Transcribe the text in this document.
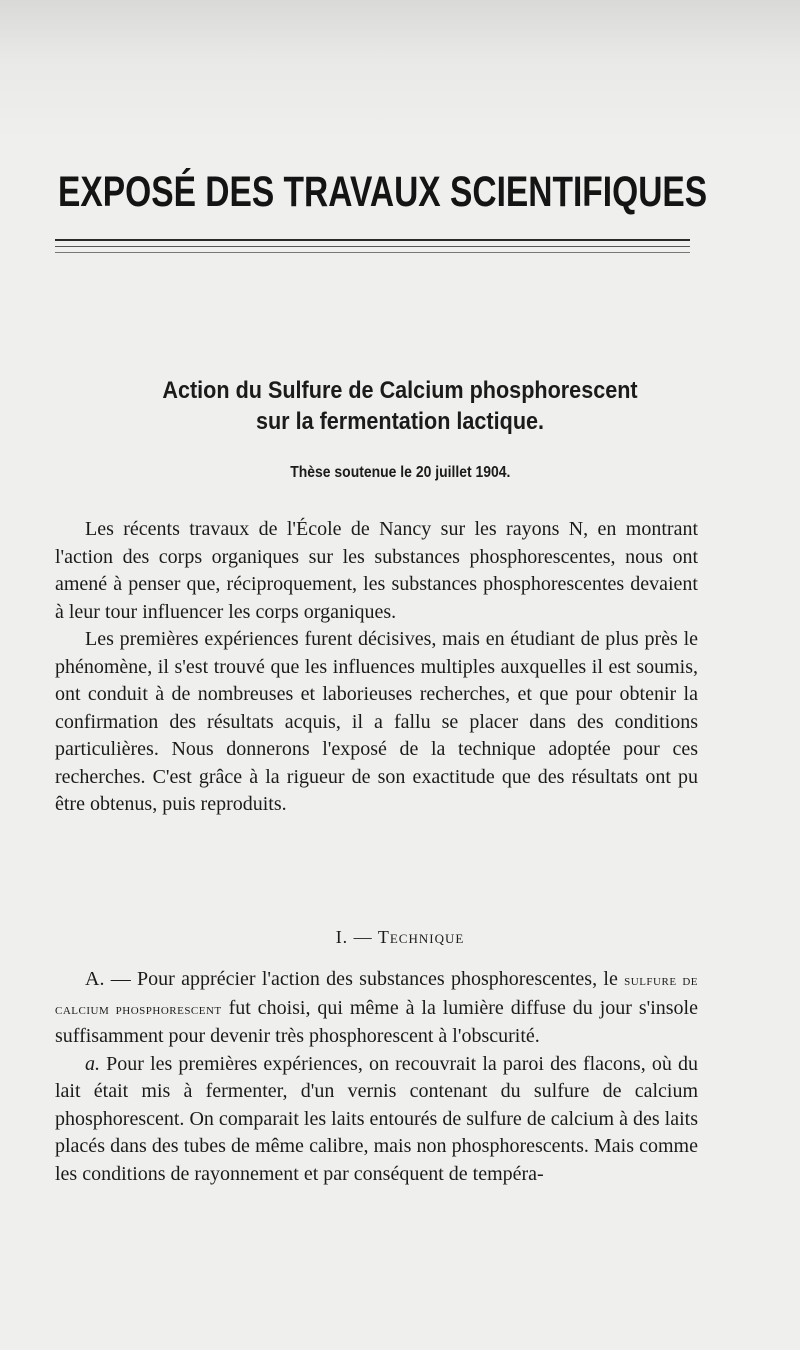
EXPOSÉ DES TRAVAUX SCIENTIFIQUES
Action du Sulfure de Calcium phosphorescent
sur la fermentation lactique.
Thèse soutenue le 20 juillet 1904.

Les récents travaux de l'École de Nancy sur les rayons N, en montrant l'action des corps organiques sur les substances phosphorescentes, nous ont amené à penser que, réciproquement, les substances phosphorescentes devaient à leur tour influencer les corps organiques.

Les premières expériences furent décisives, mais en étudiant de plus près le phénomène, il s'est trouvé que les influences multiples auxquelles il est soumis, ont conduit à de nombreuses et laborieuses recherches, et que pour obtenir la confirmation des résultats acquis, il a fallu se placer dans des conditions particulières. Nous donnerons l'exposé de la technique adoptée pour ces recherches. C'est grâce à la rigueur de son exactitude que des résultats ont pu être obtenus, puis reproduits.

I. — Technique

A. — Pour apprécier l'action des substances phosphorescentes, le sulfure de calcium phosphorescent fut choisi, qui même à la lumière diffuse du jour s'insole suffisamment pour devenir très phosphorescent à l'obscurité.

a. Pour les premières expériences, on recouvrait la paroi des flacons, où du lait était mis à fermenter, d'un vernis contenant du sulfure de calcium phosphorescent. On comparait les laits entourés de sulfure de calcium à des laits placés dans des tubes de même calibre, mais non phosphorescents. Mais comme les conditions de rayonnement et par conséquent de tempéra-
